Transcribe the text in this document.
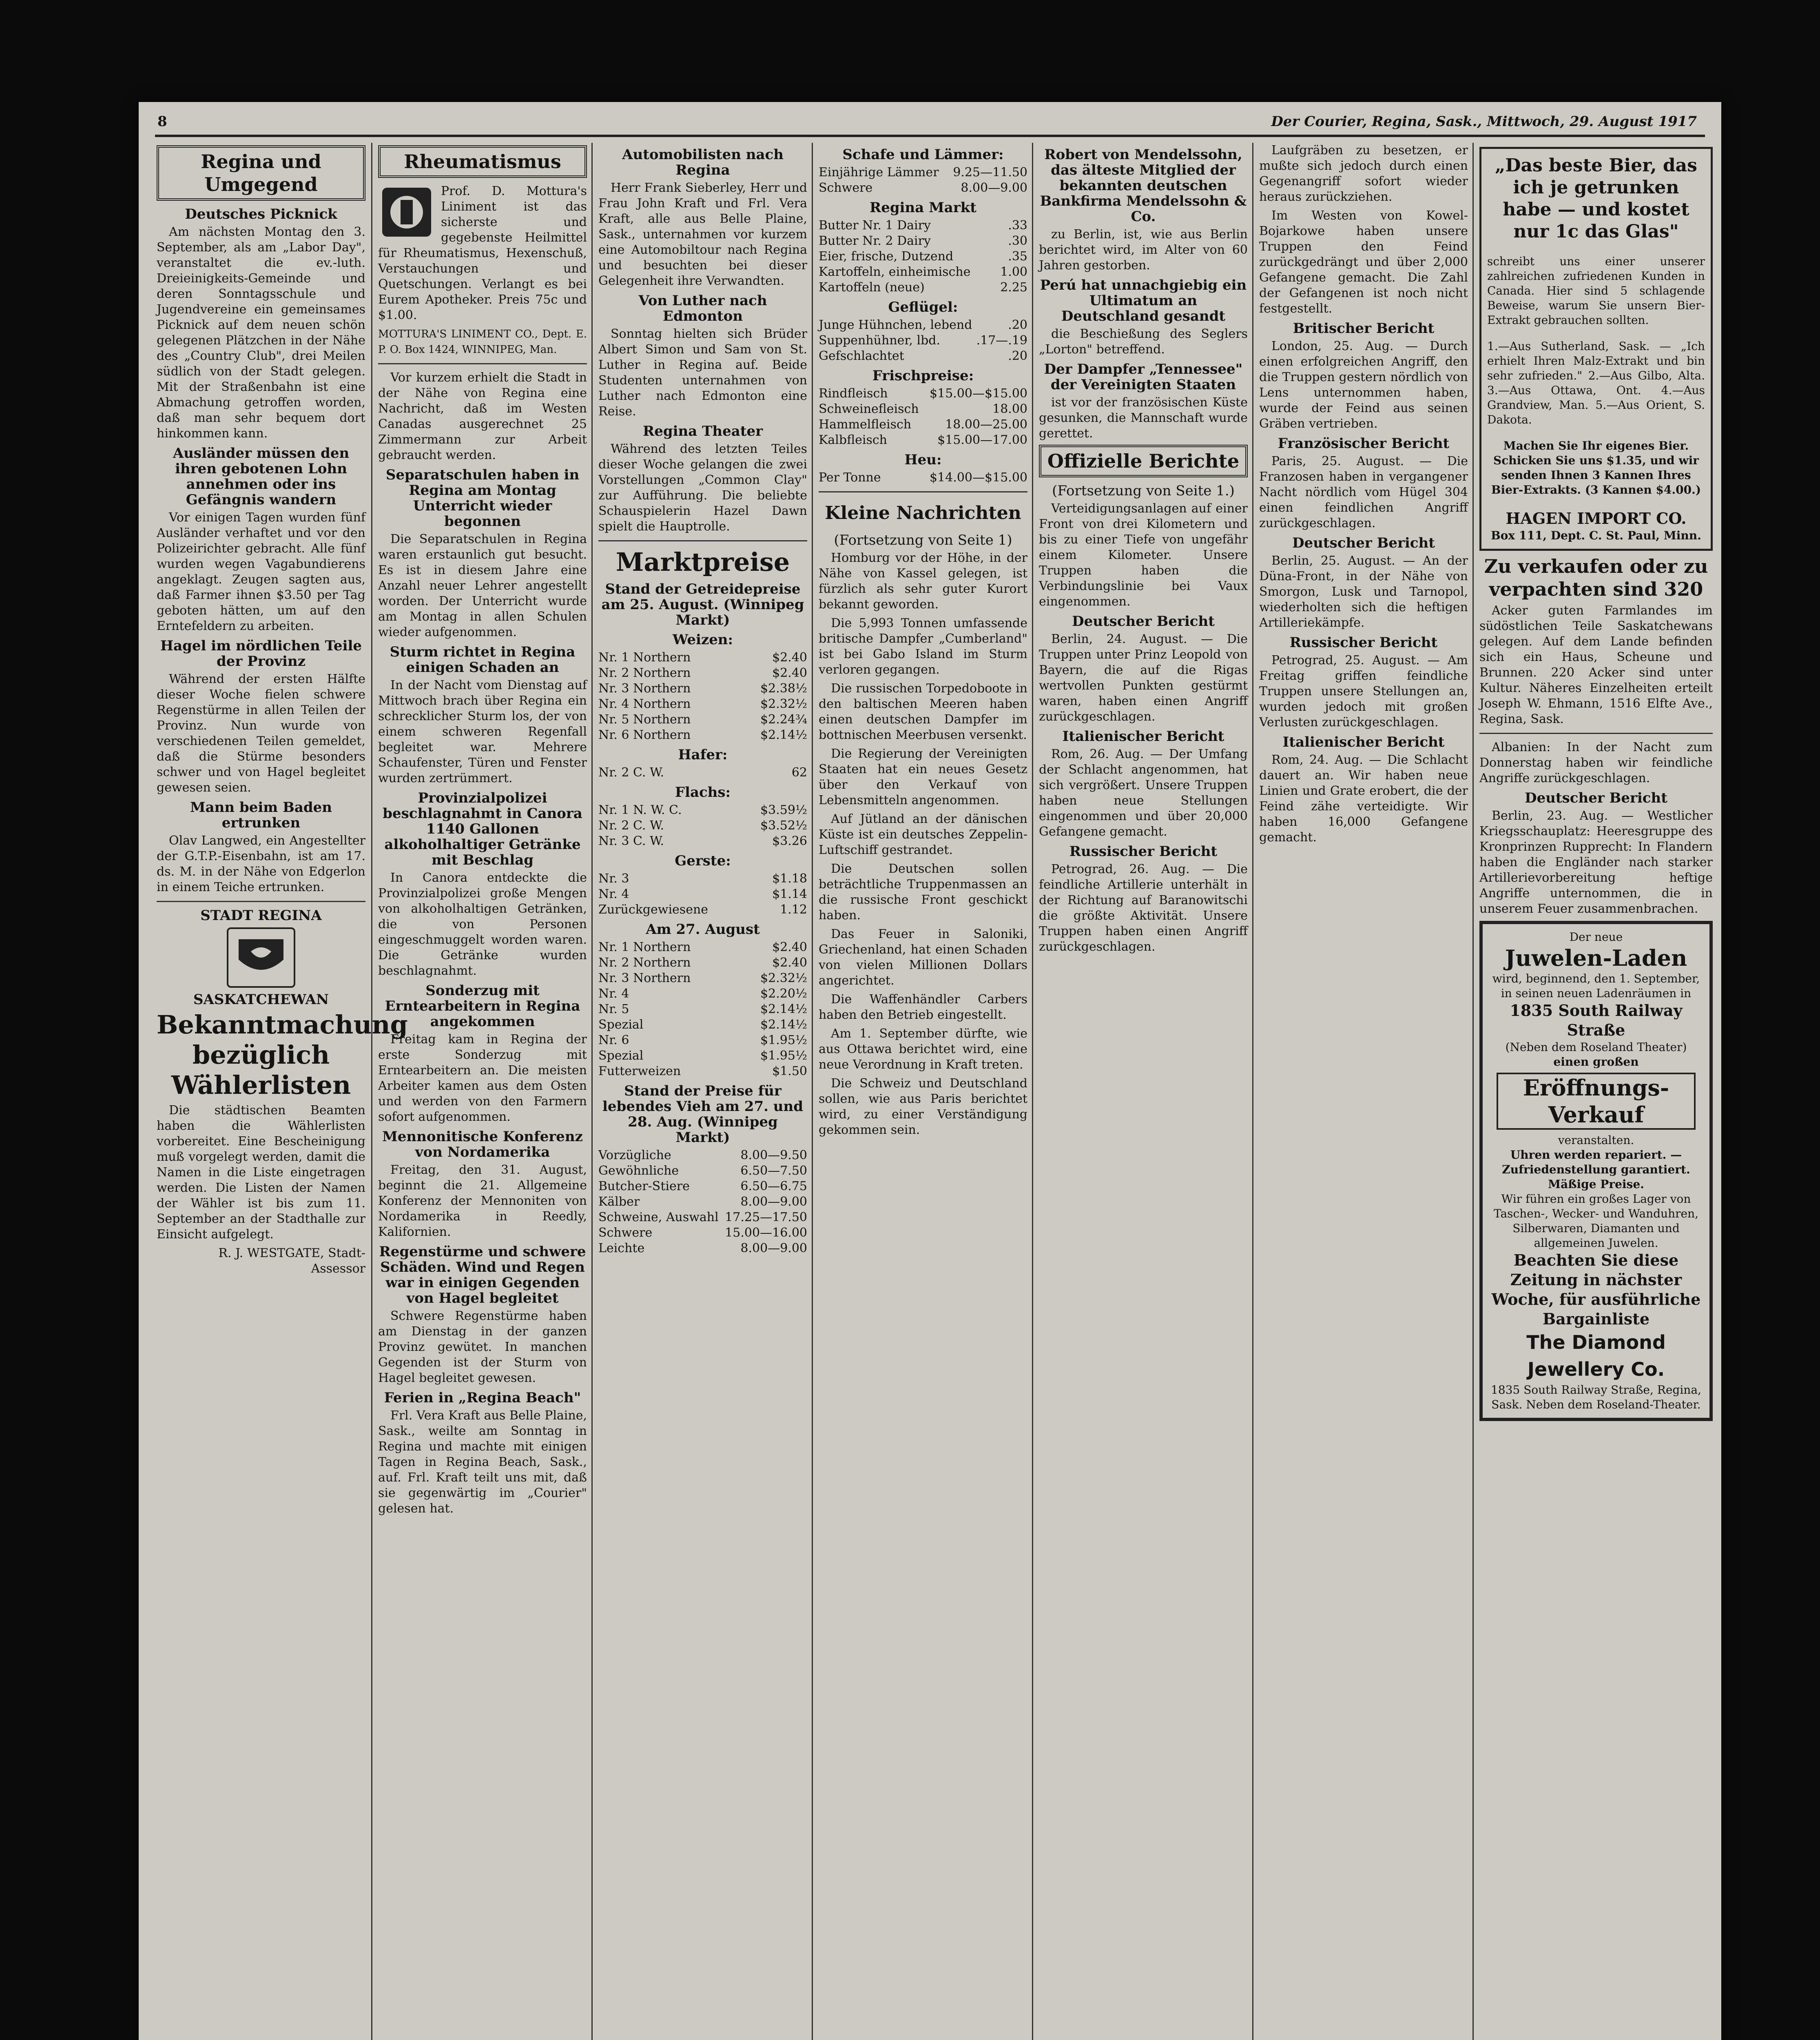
8	Der Courier, Regina, Sask., Mittwoch, 29. August 1917
Regina und Umgegend
Deutsches Picknick

Am nächsten Montag den 3. September, als am „Labor Day", veranstaltet die ev.-luth. Dreieinigkeits-Gemeinde und deren Sonntagsschule und Jugendvereine ein gemeinsames Picknick auf dem neuen schön gelegenen Plätzchen in der Nähe des „Country Club", drei Meilen südlich von der Stadt gelegen. Mit der Straßenbahn ist eine Abmachung getroffen worden, daß man sehr bequem dort hinkommen kann.

Ausländer müssen den ihren gebotenen Lohn annehmen oder ins Gefängnis wandern

Vor einigen Tagen wurden fünf Ausländer verhaftet und vor den Polizeirichter gebracht. Alle fünf wurden wegen Vagabundierens angeklagt. Zeugen sagten aus, daß Farmer ihnen $3.50 per Tag geboten hätten, um auf den Erntefeldern zu arbeiten.

Hagel im nördlichen Teile der Provinz

Während der ersten Hälfte dieser Woche fielen schwere Regenstürme in allen Teilen der Provinz. Nun wurde von verschiedenen Teilen gemeldet, daß die Stürme besonders schwer und von Hagel begleitet gewesen seien.

Mann beim Baden ertrunken

Olav Langwed, ein Angestellter der G.T.P.-Eisenbahn, ist am 17. ds. M. in der Nähe von Edgerlon in einem Teiche ertrunken.

STADT REGINA
SASKATCHEWAN
Bekanntmachung bezüglich Wählerlisten

Die städtischen Beamten haben die Wählerlisten vorbereitet. Eine Bescheinigung muß vorgelegt werden, damit die Namen in die Liste eingetragen werden. Die Listen der Namen der Wähler ist bis zum 11. September an der Stadthalle zur Einsicht aufgelegt.

R. J. WESTGATE, Stadt-Assessor

Rheumatismus

Prof. D. Mottura's Liniment ist das sicherste und gegebenste Heilmittel für Rheumatismus, Hexenschuß, Verstauchungen und Quetschungen. Verlangt es bei Eurem Apotheker. Preis 75c und $1.00.

MOTTURA'S LINIMENT CO., Dept. E. P. O. Box 1424, WINNIPEG, Man.

Vor kurzem erhielt die Stadt in der Nähe von Regina eine Nachricht, daß im Westen Canadas ausgerechnet 25 Zimmermann zur Arbeit gebraucht werden.

Separatschulen haben in Regina am Montag Unterricht wieder begonnen

Die Separatschulen in Regina waren erstaunlich gut besucht. Es ist in diesem Jahre eine Anzahl neuer Lehrer angestellt worden. Der Unterricht wurde am Montag in allen Schulen wieder aufgenommen.

Sturm richtet in Regina einigen Schaden an

In der Nacht vom Dienstag auf Mittwoch brach über Regina ein schrecklicher Sturm los, der von einem schweren Regenfall begleitet war. Mehrere Schaufenster, Türen und Fenster wurden zertrümmert.

Provinzialpolizei beschlagnahmt in Canora 1140 Gallonen alkoholhaltiger Getränke mit Beschlag

In Canora entdeckte die Provinzialpolizei große Mengen von alkoholhaltigen Getränken, die von Personen eingeschmuggelt worden waren. Die Getränke wurden beschlagnahmt.

Sonderzug mit Erntearbeitern in Regina angekommen

Freitag kam in Regina der erste Sonderzug mit Erntearbeitern an. Die meisten Arbeiter kamen aus dem Osten und werden von den Farmern sofort aufgenommen.

Mennonitische Konferenz von Nordamerika

Freitag, den 31. August, beginnt die 21. Allgemeine Konferenz der Mennoniten von Nordamerika in Reedly, Kalifornien.

Regenstürme und schwere Schäden. Wind und Regen war in einigen Gegenden von Hagel begleitet

Schwere Regenstürme haben am Dienstag in der ganzen Provinz gewütet. In manchen Gegenden ist der Sturm von Hagel begleitet gewesen.

Ferien in „Regina Beach"

Frl. Vera Kraft aus Belle Plaine, Sask., weilte am Sonntag in Regina und machte mit einigen Tagen in Regina Beach, Sask., auf. Frl. Kraft teilt uns mit, daß sie gegenwärtig im „Courier" gelesen hat.

Automobilisten nach Regina

Herr Frank Sieberley, Herr und Frau John Kraft und Frl. Vera Kraft, alle aus Belle Plaine, Sask., unternahmen vor kurzem eine Automobiltour nach Regina und besuchten bei dieser Gelegenheit ihre Verwandten.

Von Luther nach Edmonton

Sonntag hielten sich Brüder Albert Simon und Sam von St. Luther in Regina auf. Beide Studenten unternahmen von Luther nach Edmonton eine Reise.

Regina Theater

Während des letzten Teiles dieser Woche gelangen die zwei Vorstellungen „Common Clay" zur Aufführung. Die beliebte Schauspielerin Hazel Dawn spielt die Hauptrolle.

Marktpreise
Stand der Getreidepreise am 25. August. (Winnipeg Markt)
Weizen:
Nr. 1 Northern	$2.40
Nr. 2 Northern	$2.40
Nr. 3 Northern	$2.38½
Nr. 4 Northern	$2.32½
Nr. 5 Northern	$2.24¾
Nr. 6 Northern	$2.14½
Hafer:
Nr. 2 C. W.	62
Flachs:
Nr. 1 N. W. C.	$3.59½
Nr. 2 C. W.	$3.52½
Nr. 3 C. W.	$3.26
Gerste:
Nr. 3	$1.18
Nr. 4	$1.14
Zurückgewiesene	1.12
Am 27. August
Nr. 1 Northern	$2.40
Nr. 2 Northern	$2.40
Nr. 3 Northern	$2.32½
Nr. 4	$2.20½
Nr. 5	$2.14½
Spezial	$2.14½
Nr. 6	$1.95½
Spezial	$1.95½
Futterweizen	$1.50
Stand der Preise für lebendes Vieh am 27. und 28. Aug. (Winnipeg Markt)
Vorzügliche	8.00—9.50
Gewöhnliche	6.50—7.50
Butcher-Stiere	6.50—6.75
Kälber	8.00—9.00
Schweine, Auswahl 17.25—17.50
Schwere	15.00—16.00
Leichte	8.00—9.00
Schafe und Lämmer:
Einjährige Lämmer 9.25—11.50
Schwere	8.00—9.00
Regina Markt
Butter Nr. 1 Dairy	.33
Butter Nr. 2 Dairy	.30
Eier, frische, Dutzend	.35
Kartoffeln, einheimische 1.00
Kartoffeln (neue)	2.25
Geflügel:
Junge Hühnchen, lebend	.20
Suppenhühner, lbd.	.17—.19
Gefschlachtet	.20
Frischpreise:
Rindfleisch	$15.00—$15.00
Schweinefleisch	18.00
Hammelfleisch	18.00—25.00
Kalbfleisch	$15.00—17.00
Heu:
Per Tonne	$14.00—$15.00
Kleine Nachrichten
(Fortsetzung von Seite 1)

Homburg vor der Höhe, in der Nähe von Kassel gelegen, ist fürzlich als sehr guter Kurort bekannt geworden.

Die 5,993 Tonnen umfassende britische Dampfer „Cumberland" ist bei Gabo Island im Sturm verloren gegangen.

Die russischen Torpedoboote in den baltischen Meeren haben einen deutschen Dampfer im bottnischen Meerbusen versenkt.

Die Regierung der Vereinigten Staaten hat ein neues Gesetz über den Verkauf von Lebensmitteln angenommen.

Auf Jütland an der dänischen Küste ist ein deutsches Zeppelin-Luftschiff gestrandet.

Die Deutschen sollen beträchtliche Truppenmassen an die russische Front geschickt haben.

Das Feuer in Saloniki, Griechenland, hat einen Schaden von vielen Millionen Dollars angerichtet.

Die Waffenhändler Carbers haben den Betrieb eingestellt.

Am 1. September dürfte, wie aus Ottawa berichtet wird, eine neue Verordnung in Kraft treten.

Die Schweiz und Deutschland sollen, wie aus Paris berichtet wird, zu einer Verständigung gekommen sein.

Robert von Mendelssohn, das älteste Mitglied der bekannten deutschen Bankfirma Mendelssohn & Co.

zu Berlin, ist, wie aus Berlin berichtet wird, im Alter von 60 Jahren gestorben.

Perú hat unnachgiebig ein Ultimatum an Deutschland gesandt

die Beschießung des Seglers „Lorton" betreffend.

Der Dampfer „Tennessee" der Vereinigten Staaten

ist vor der französischen Küste gesunken, die Mannschaft wurde gerettet.

Offizielle Berichte
(Fortsetzung von Seite 1.)

Verteidigungsanlagen auf einer Front von drei Kilometern und bis zu einer Tiefe von ungefähr einem Kilometer. Unsere Truppen haben die Verbindungslinie bei Vaux eingenommen.

Deutscher Bericht

Berlin, 24. August. — Die Truppen unter Prinz Leopold von Bayern, die auf die Rigas wertvollen Punkten gestürmt waren, haben einen Angriff zurückgeschlagen.

Italienischer Bericht

Rom, 26. Aug. — Der Umfang der Schlacht angenommen, hat sich vergrößert. Unsere Truppen haben neue Stellungen eingenommen und über 20,000 Gefangene gemacht.

Russischer Bericht

Petrograd, 26. Aug. — Die feindliche Artillerie unterhält in der Richtung auf Baranowitschi die größte Aktivität. Unsere Truppen haben einen Angriff zurückgeschlagen.

Laufgräben zu besetzen, er mußte sich jedoch durch einen Gegenangriff sofort wieder heraus zurückziehen.

Im Westen von Kowel-Bojarkowe haben unsere Truppen den Feind zurückgedrängt und über 2,000 Gefangene gemacht. Die Zahl der Gefangenen ist noch nicht festgestellt.

Britischer Bericht

London, 25. Aug. — Durch einen erfolgreichen Angriff, den die Truppen gestern nördlich von Lens unternommen haben, wurde der Feind aus seinen Gräben vertrieben.

Französischer Bericht

Paris, 25. August. — Die Franzosen haben in vergangener Nacht nördlich vom Hügel 304 einen feindlichen Angriff zurückgeschlagen.

Deutscher Bericht

Berlin, 25. August. — An der Düna-Front, in der Nähe von Smorgon, Lusk und Tarnopol, wiederholten sich die heftigen Artilleriekämpfe.

Russischer Bericht

Petrograd, 25. August. — Am Freitag griffen feindliche Truppen unsere Stellungen an, wurden jedoch mit großen Verlusten zurückgeschlagen.

Italienischer Bericht

Rom, 24. Aug. — Die Schlacht dauert an. Wir haben neue Linien und Grate erobert, die der Feind zähe verteidigte. Wir haben 16,000 Gefangene gemacht.

„Das beste Bier, das ich je getrunken habe — und kostet nur 1c das Glas"

schreibt uns einer unserer zahlreichen zufriedenen Kunden in Canada. Hier sind 5 schlagende Beweise, warum Sie unsern Bier-Extrakt gebrauchen sollten.

1.—Aus Sutherland, Sask. — „Ich erhielt Ihren Malz-Extrakt und bin sehr zufrieden." 2.—Aus Gilbo, Alta. 3.—Aus Ottawa, Ont. 4.—Aus Grandview, Man. 5.—Aus Orient, S. Dakota.

Machen Sie Ihr eigenes Bier. Schicken Sie uns $1.35, und wir senden Ihnen 3 Kannen Ihres Bier-Extrakts. (3 Kannen $4.00.)

HAGEN IMPORT CO.
Box 111, Dept. C. St. Paul, Minn.
Zu verkaufen oder zu verpachten sind 320

Acker guten Farmlandes im südöstlichen Teile Saskatchewans gelegen. Auf dem Lande befinden sich ein Haus, Scheune und Brunnen. 220 Acker sind unter Kultur. Näheres Einzelheiten erteilt Joseph W. Ehmann, 1516 Elfte Ave., Regina, Sask.

Albanien: In der Nacht zum Donnerstag haben wir feindliche Angriffe zurückgeschlagen.

Deutscher Bericht

Berlin, 23. Aug. — Westlicher Kriegsschauplatz: Heeresgruppe des Kronprinzen Rupprecht: In Flandern haben die Engländer nach starker Artillerievorbereitung heftige Angriffe unternommen, die in unserem Feuer zusammenbrachen.

Der neue
Juwelen-Laden
wird, beginnend, den 1. September, in seinen neuen Ladenräumen in
1835 South Railway Straße
(Neben dem Roseland Theater)
einen großen
Eröffnungs-Verkauf
veranstalten.
Uhren werden repariert. — Zufriedenstellung garantiert. Mäßige Preise.
Wir führen ein großes Lager von Taschen-, Wecker- und Wanduhren, Silberwaren, Diamanten und allgemeinen Juwelen.
Beachten Sie diese Zeitung in nächster Woche, für ausführliche Bargainliste
The Diamond Jewellery Co.
1835 South Railway Straße, Regina, Sask. Neben dem Roseland-Theater.
